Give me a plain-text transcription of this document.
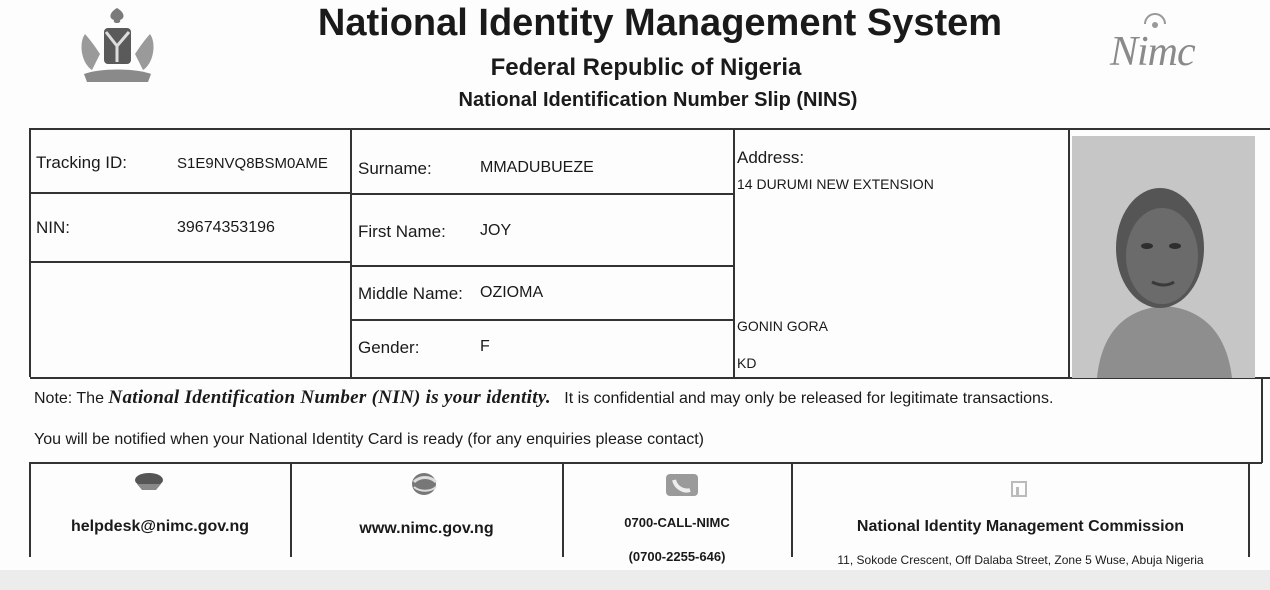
National Identity Management System
Federal Republic of Nigeria
National Identification Number Slip (NINS)
Nimc
Tracking ID:	S1E9NVQ8BSM0AME
NIN:	39674353196
Surname:	MMADUBUEZE
First Name: JOY
Middle Name: OZIOMA
Gender:	F
Address:
14 DURUMI NEW EXTENSION
GONIN GORA
KD
Note: The National Identification Number (NIN) is your identity. It is confidential and may only be released for legitimate transactions.
You will be notified when your National Identity Card is ready (for any enquiries please contact)
helpdesk@nimc.gov.ng	www.nimc.gov.ng	0700-CALL-NIMC
(0700-2255-646)
National Identity Management Commission
11, Sokode Crescent, Off Dalaba Street, Zone 5 Wuse, Abuja Nigeria
